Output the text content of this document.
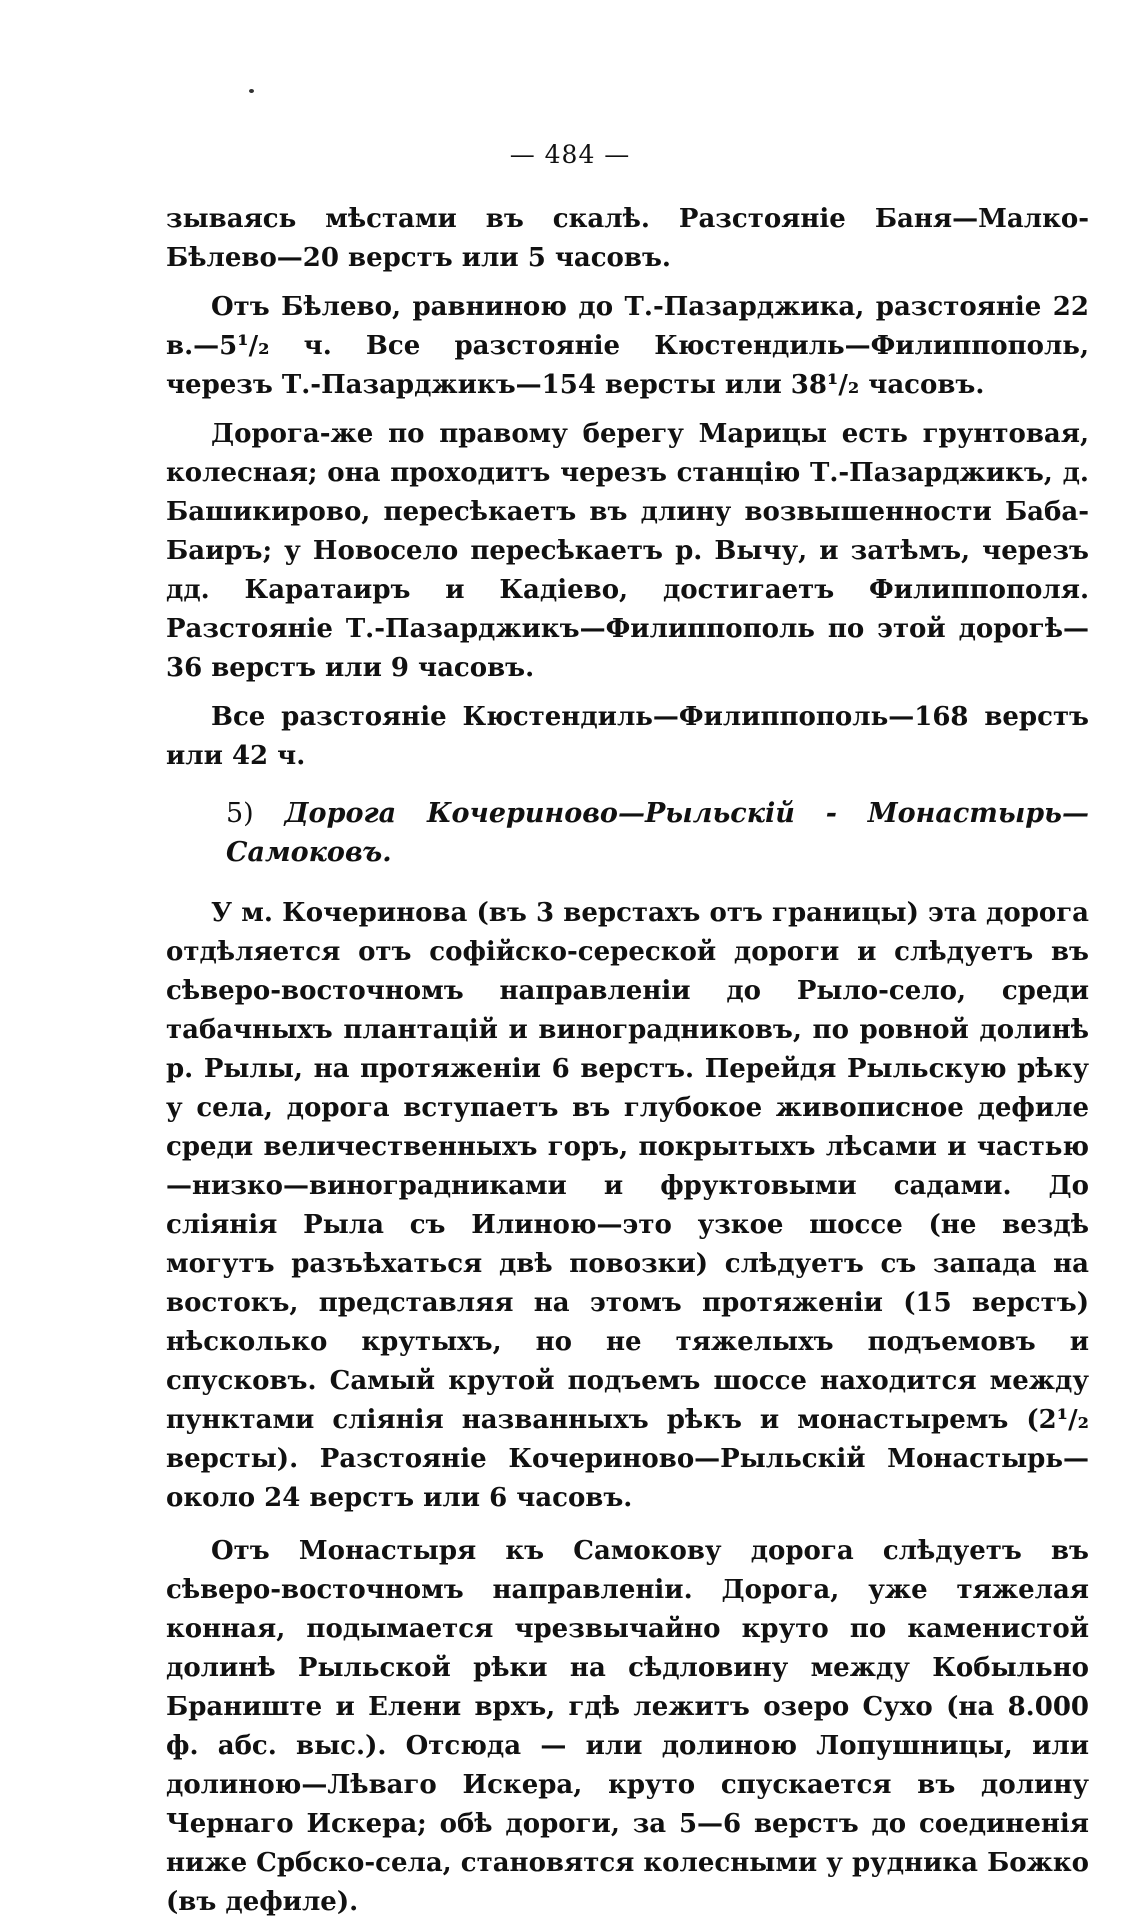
— 484 —

зываясь мѣстами въ скалѣ. Разстояніе Баня—Малко-Бѣлево—20 верстъ или 5 часовъ.

Отъ Бѣлево, равниною до Т.-Пазарджика, разстояніе 22 в.—5¹/₂ ч. Все разстояніе Кюстендиль—Филиппополь, черезъ Т.-Пазарджикъ—154 версты или 38¹/₂ часовъ.

Дорога-же по правому берегу Марицы есть грунтовая, колесная; она проходитъ черезъ станцію Т.-Пазарджикъ, д. Башикирово, пересѣкаетъ въ длину возвышенности Баба-Баиръ; у Новосело пересѣкаетъ р. Вычу, и затѣмъ, черезъ дд. Каратаиръ и Кадіево, достигаетъ Филиппополя. Разстояніе Т.-Пазарджикъ—Филиппополь по этой дорогѣ—36 верстъ или 9 часовъ.

Все разстояніе Кюстендиль—Филиппополь—168 верстъ или 42 ч.

5) Дорога Кочериново—Рыльскій - Монастырь—Самоковъ.

У м. Кочеринова (въ 3 верстахъ отъ границы) эта дорога отдѣляется отъ софійско-серeской дороги и слѣдуетъ въ сѣверо-восточномъ направленіи до Рыло-село, среди табачныхъ плантацій и виноградниковъ, по ровной долинѣ р. Рылы, на протяженіи 6 верстъ. Перейдя Рыльскую рѣку у села, дорога вступаетъ въ глубокое живописное дефиле среди величественныхъ горъ, покрытыхъ лѣсами и частью—низко—виноградниками и фруктовыми садами. До слiянія Рыла съ Илиною—это узкое шоссе (не вездѣ могутъ разъѣхаться двѣ повозки) слѣдуетъ съ запада на востокъ, представляя на этомъ протяженіи (15 верстъ) нѣсколько крутыхъ, но не тяжелыхъ подъемовъ и спусковъ. Самый крутой подъемъ шоссе находится между пунктами сліянія названныхъ рѣкъ и монастыремъ (2¹/₂ версты). Разстояніе Кочериново—Рыльскій Монастырь—около 24 верстъ или 6 часовъ.

Отъ Монастыря къ Самокову дорога слѣдуетъ въ сѣверо-восточномъ направленіи. Дорога, уже тяжелая конная, подымается чрезвычайно круто по каменистой долинѣ Рыльской рѣки на сѣдловину между Кобыльно Браниште и Елени врхъ, гдѣ лежитъ озеро Сухо (на 8.000 ф. абс. выс.). Отсюда — или долиною Лопушницы, или долиною—Лѣваго Искера, круто спускается въ долину Чернаго Искера; обѣ дороги, за 5—6 верстъ до соединенія ниже Србско-села, становятся колесными у рудника Божко (въ дефиле).
